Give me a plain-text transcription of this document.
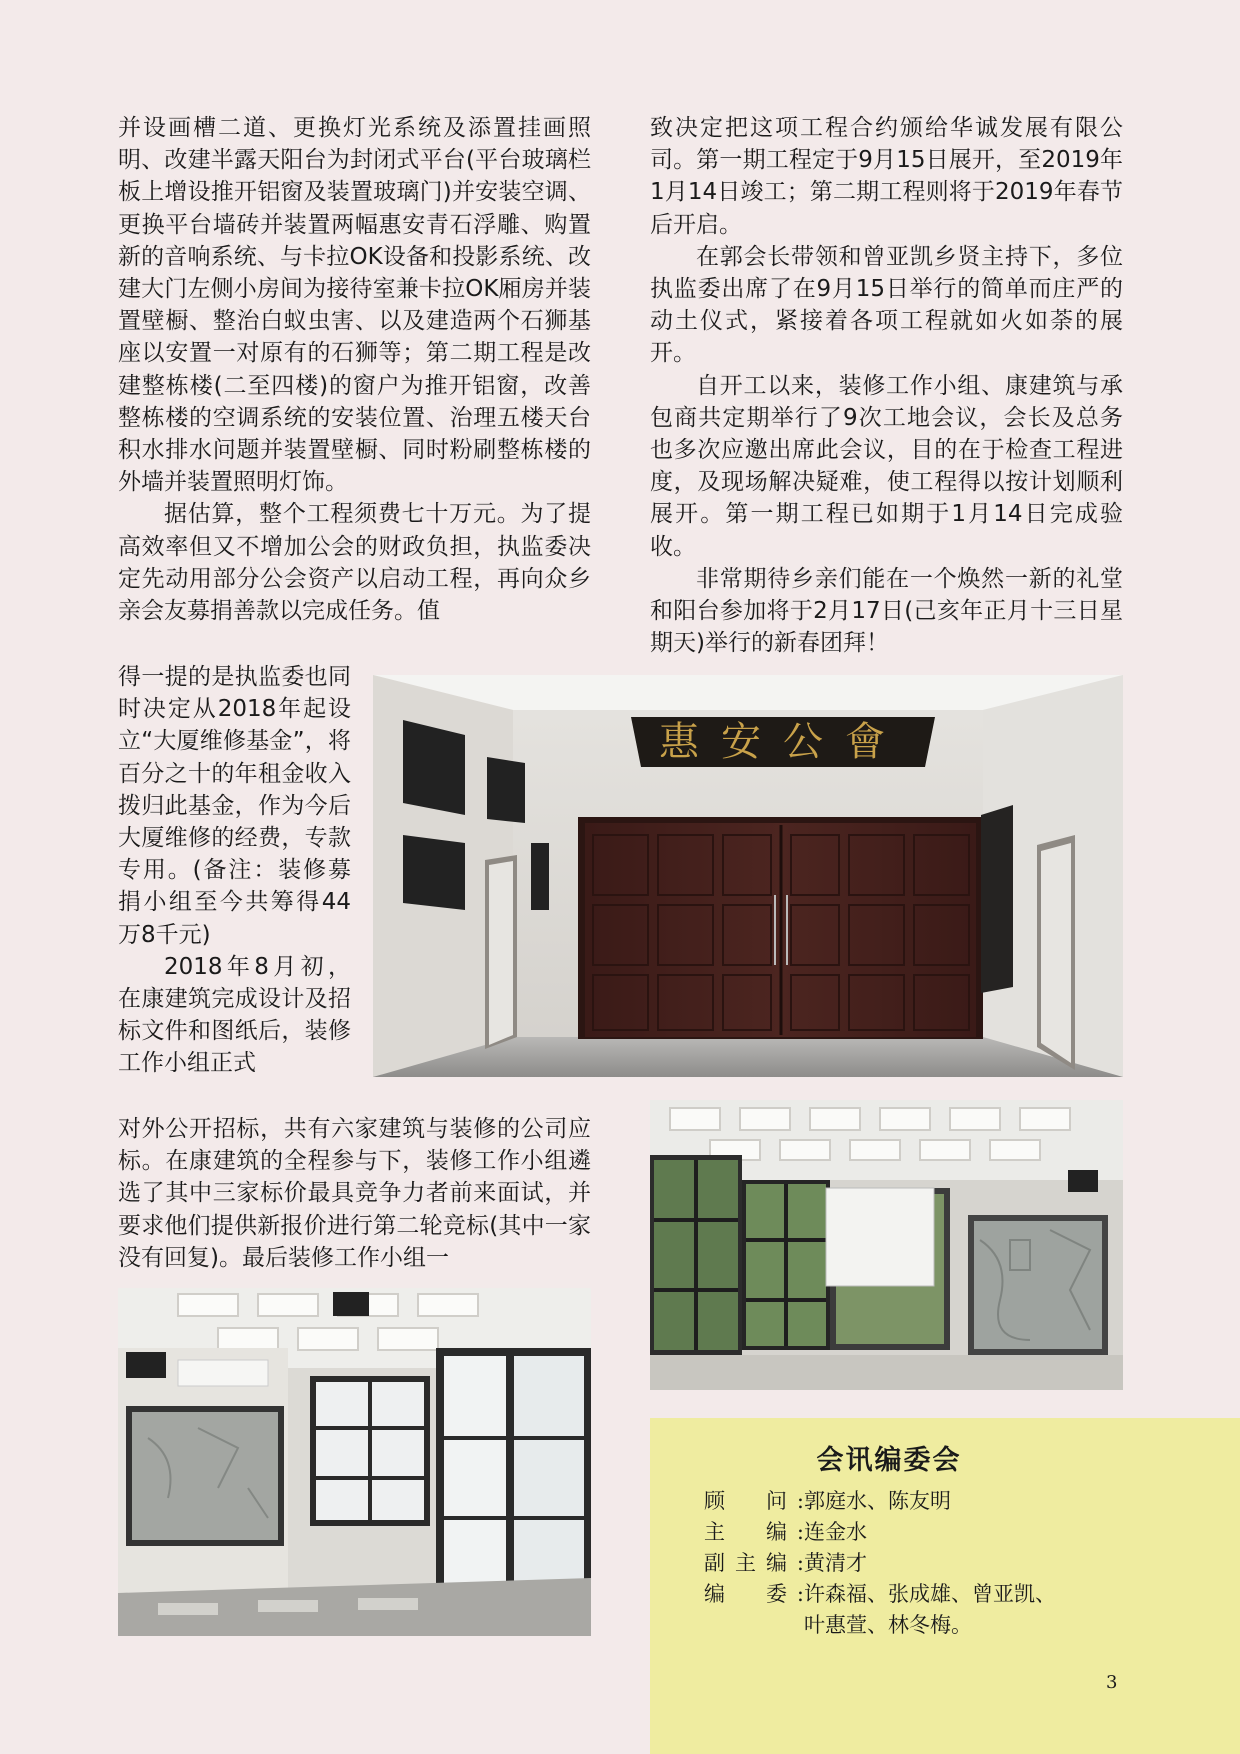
并设画槽二道、更换灯光系统及添置挂画照明、改建半露天阳台为封闭式平台(平台玻璃栏板上增设推开铝窗及装置玻璃门)并安装空调、更换平台墙砖并装置两幅惠安青石浮雕、购置新的音响系统、与卡拉OK设备和投影系统、改建大门左侧小房间为接待室兼卡拉OK厢房并装置壁橱、整治白蚁虫害、以及建造两个石狮基座以安置一对原有的石狮等；第二期工程是改建整栋楼(二至四楼)的窗户为推开铝窗，改善整栋楼的空调系统的安装位置、治理五楼天台积水排水问题并装置壁橱、同时粉刷整栋楼的外墙并装置照明灯饰。

据估算，整个工程须费七十万元。为了提高效率但又不增加公会的财政负担，执监委决定先动用部分公会资产以启动工程，再向众乡亲会友募捐善款以完成任务。值

得一提的是执监委也同时决定从2018年起设立“大厦维修基金”，将百分之十的年租金收入拨归此基金，作为今后大厦维修的经费，专款专用。(备注：装修募捐小组至今共筹得44万8千元)

2018年8月初，在康建筑完成设计及招标文件和图纸后，装修工作小组正式

对外公开招标，共有六家建筑与装修的公司应标。在康建筑的全程参与下，装修工作小组遴选了其中三家标价最具竞争力者前来面试，并要求他们提供新报价进行第二轮竞标(其中一家没有回复)。最后装修工作小组一

致决定把这项工程合约颁给华诚发展有限公司。第一期工程定于9月15日展开，至2019年1月14日竣工；第二期工程则将于2019年春节后开启。

在郭会长带领和曾亚凯乡贤主持下，多位执监委出席了在9月15日举行的简单而庄严的动土仪式，紧接着各项工程就如火如荼的展开。

自开工以来，装修工作小组、康建筑与承包商共定期举行了9次工地会议，会长及总务也多次应邀出席此会议，目的在于检查工程进度，及现场解决疑难，使工程得以按计划顺利展开。第一期工程已如期于1月14日完成验收。

非常期待乡亲们能在一个焕然一新的礼堂和阳台参加将于2月17日(己亥年正月十三日星期天)举行的新春团拜！

惠安公會
会讯编委会
顾　问: 郭庭水、陈友明
主　编: 连金水
副主编: 黄清才
编　委: 许森福、张成雄、曾亚凯、
叶惠萱、林冬梅。
3
